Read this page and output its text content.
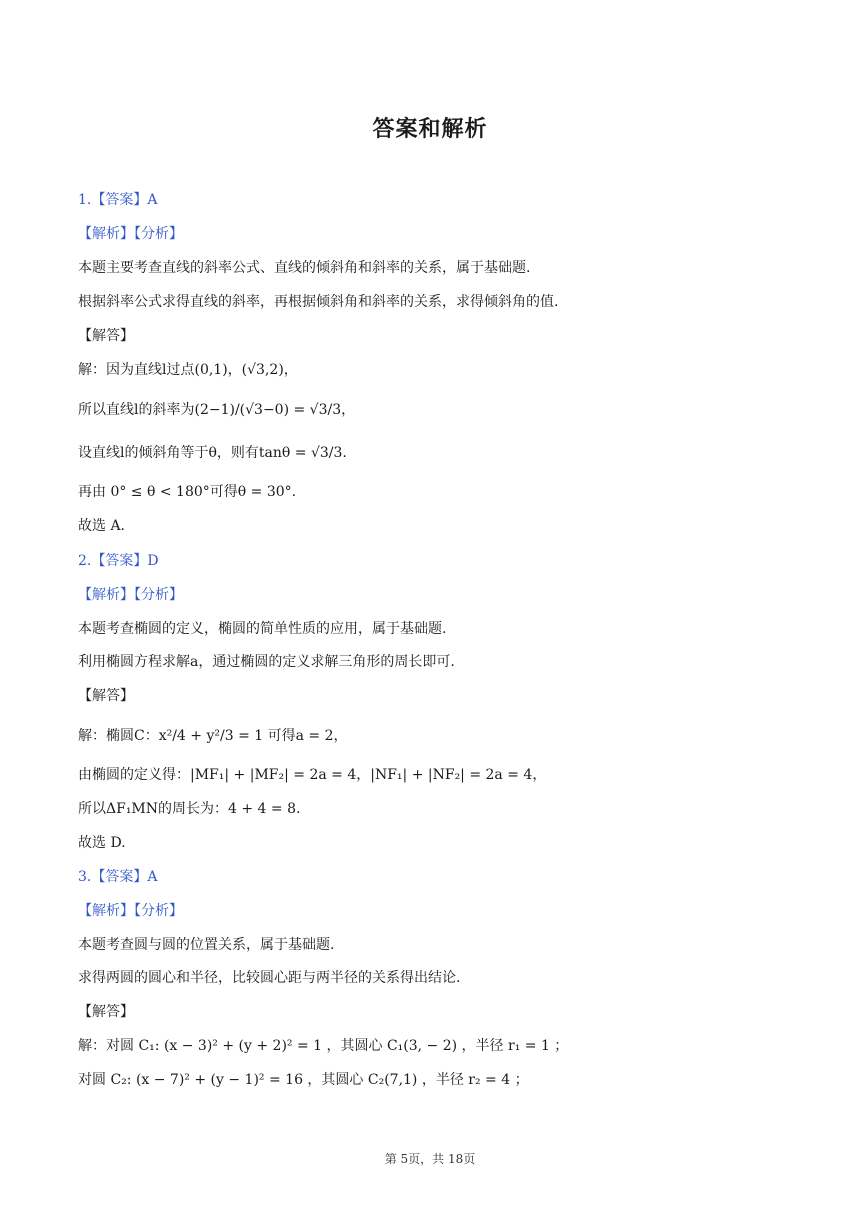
答案和解析
1.【答案】A
【解析】【分析】
本题主要考查直线的斜率公式、直线的倾斜角和斜率的关系，属于基础题.
根据斜率公式求得直线的斜率，再根据倾斜角和斜率的关系，求得倾斜角的值.
【解答】
解：因为直线l过点(0,1)，(√3,2)，
所以直线l的斜率为(2−1)/(√3−0) = √3/3，
设直线l的倾斜角等于θ，则有tanθ = √3/3.
再由 0° ≤ θ < 180°可得θ = 30°.
故选 A.
2.【答案】D
【解析】【分析】
本题考查椭圆的定义，椭圆的简单性质的应用，属于基础题.
利用椭圆方程求解a，通过椭圆的定义求解三角形的周长即可.
【解答】
解：椭圆C：x²/4 + y²/3 = 1 可得a = 2，
由椭圆的定义得：|MF₁| + |MF₂| = 2a = 4，|NF₁| + |NF₂| = 2a = 4，
所以ΔF₁MN的周长为：4 + 4 = 8.
故选 D.
3.【答案】A
【解析】【分析】
本题考查圆与圆的位置关系，属于基础题.
求得两圆的圆心和半径，比较圆心距与两半径的关系得出结论.
【解答】
解：对圆 C₁: (x − 3)² + (y + 2)² = 1 ，其圆心 C₁(3, − 2) ，半径 r₁ = 1 ；
对圆 C₂: (x − 7)² + (y − 1)² = 16 ，其圆心 C₂(7,1) ，半径 r₂ = 4 ；
第 5页，共 18页
